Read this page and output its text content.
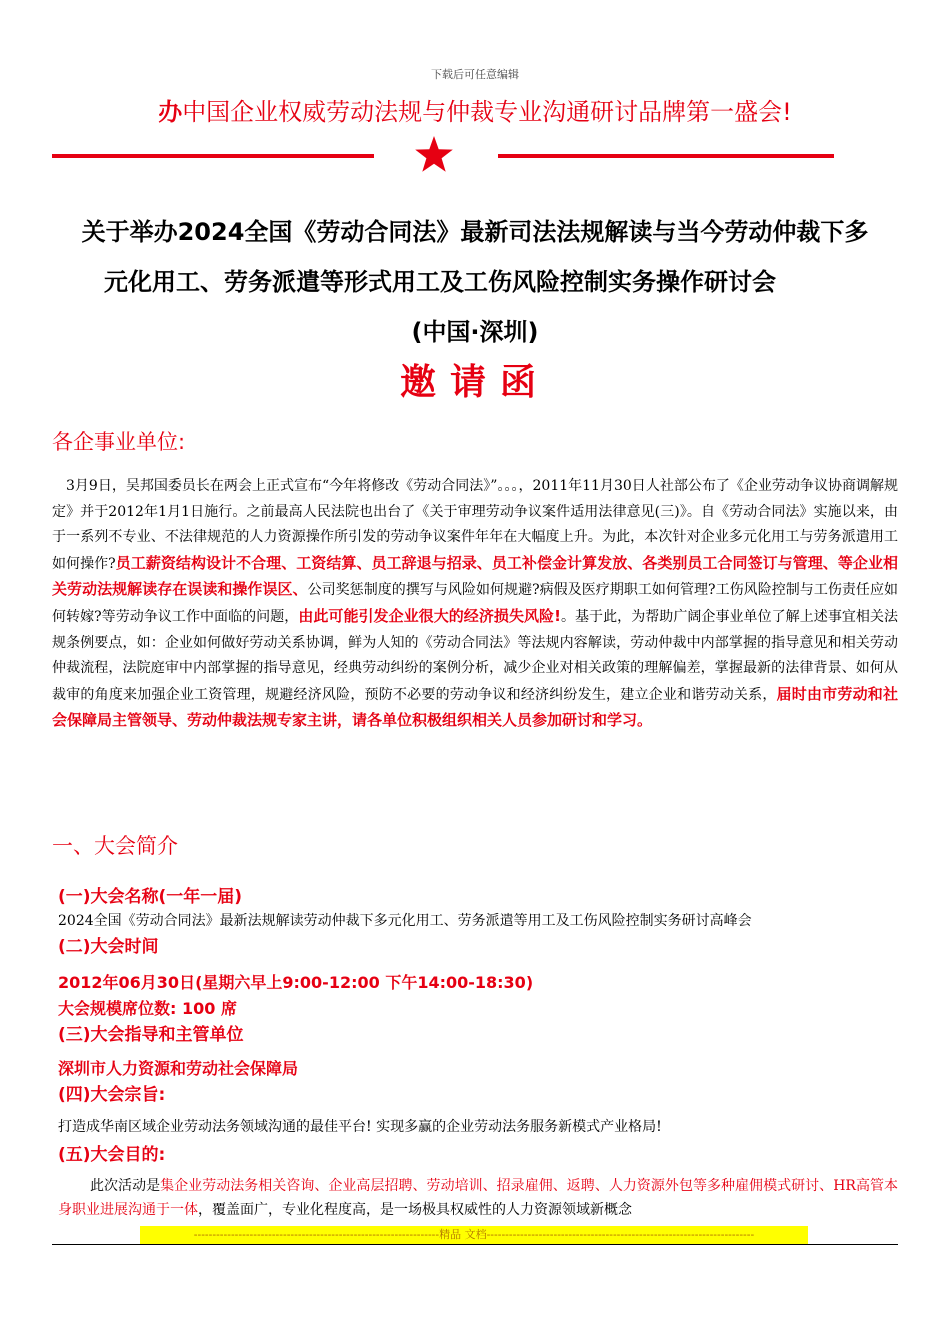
下载后可任意编辑
办中国企业权威劳动法规与仲裁专业沟通研讨品牌第一盛会!
关于举办2024全国《劳动合同法》最新司法法规解读与当今劳动仲裁下多
元化用工、劳务派遣等形式用工及工伤风险控制实务操作研讨会
(中国·深圳)
邀请函
各企事业单位:
 3月9日，吴邦国委员长在两会上正式宣布“今年将修改《劳动合同法》”。。。，2011年11月30日人社部公布了《企业劳动争议协商调解规定》并于2012年1月1日施行。之前最高人民法院也出台了《关于审理劳动争议案件适用法律意见(三)》。自《劳动合同法》实施以来，由于一系列不专业、不法律规范的人力资源操作所引发的劳动争议案件年年在大幅度上升。为此，本次针对企业多元化用工与劳务派遣用工如何操作?员工薪资结构设计不合理、工资结算、员工辞退与招录、员工补偿金计算发放、各类别员工合同签订与管理、等企业相关劳动法规解读存在误读和操作误区、公司奖惩制度的撰写与风险如何规避?病假及医疗期职工如何管理?工伤风险控制与工伤责任应如何转嫁?等劳动争议工作中面临的问题，由此可能引发企业很大的经济损失风险!。基于此，为帮助广阔企事业单位了解上述事宜相关法规条例要点，如：企业如何做好劳动关系协调，鲜为人知的《劳动合同法》等法规内容解读，劳动仲裁中内部掌握的指导意见和相关劳动仲裁流程，法院庭审中内部掌握的指导意见，经典劳动纠纷的案例分析，减少企业对相关政策的理解偏差，掌握最新的法律背景、如何从裁审的角度来加强企业工资管理，规避经济风险，预防不必要的劳动争议和经济纠纷发生，建立企业和谐劳动关系，届时由市劳动和社会保障局主管领导、劳动仲裁法规专家主讲，请各单位积极组织相关人员参加研讨和学习。
一、大会简介
(一)大会名称(一年一届)
2024全国《劳动合同法》最新法规解读劳动仲裁下多元化用工、劳务派遣等用工及工伤风险控制实务研讨高峰会
(二)大会时间
2012年06月30日(星期六早上9:00-12:00 下午14:00-18:30)
大会规模席位数: 100 席
(三)大会指导和主管单位
深圳市人力资源和劳动社会保障局
(四)大会宗旨:
打造成华南区域企业劳动法务领域沟通的最佳平台! 实现多赢的企业劳动法务服务新模式产业格局!
(五)大会目的:
此次活动是集企业劳动法务相关咨询、企业高层招聘、劳动培训、招录雇佣、返聘、人力资源外包等多种雇佣模式研讨、HR高管本身职业进展沟通于一体，覆盖面广，专业化程度高，是一场极具权威性的人力资源领域新概念
------------------------------------------------------------------精品 文档------------------------------------------------------------------------
